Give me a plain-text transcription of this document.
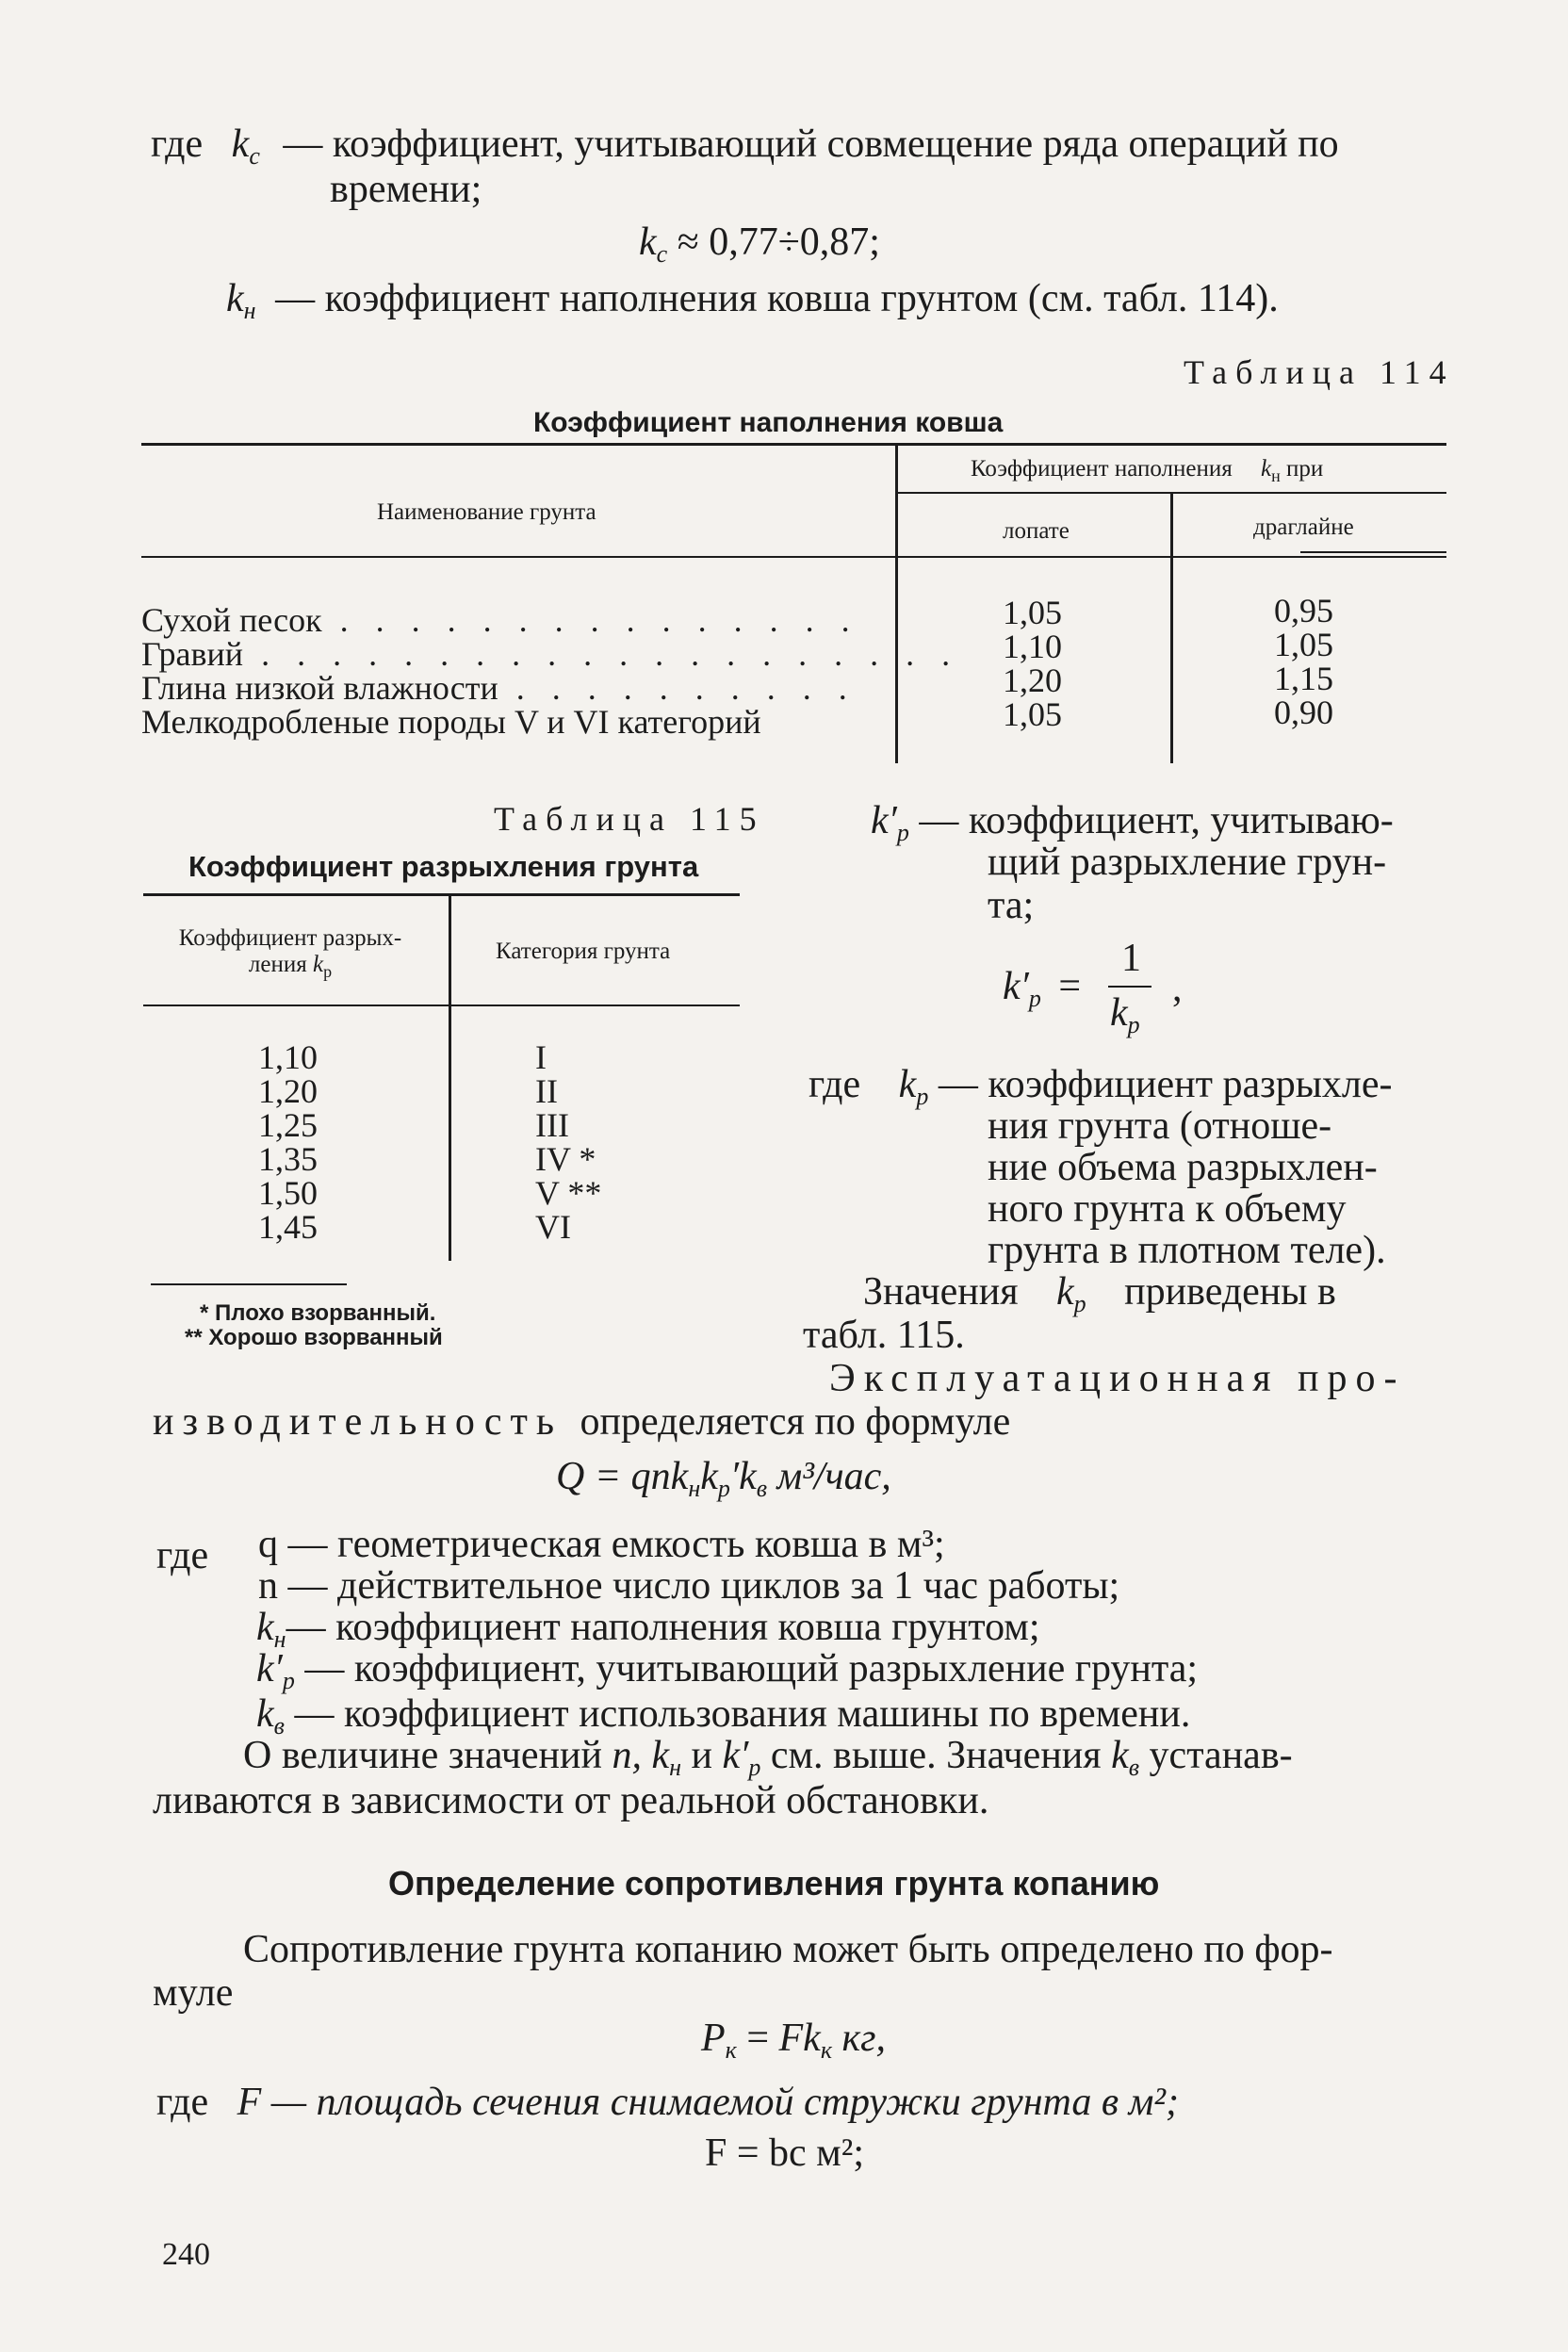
где $k_с$ — коэффициент, учитывающий совмещение ряда операций по
времени;
$k_с \approx 0,77\div 0,87$;
$k_н$ — коэффициент наполнения ковша грунтом (см. табл. 114).
Таблица 114
Коэффициент наполнения ковша
Наименование грунта
Коэффициент наполнения $k_н$ при
лопате	драглайне
Сухой песок . . . . . . . . . . . . . . .
Гравий . . . . . . . . . . . . . . . . . . . .
Глина низкой влажности . . . . . . . . . .
Мелкодробленые породы V и VI категорий
1,05
1,10
1,20
1,05
0,95
1,05
1,15
0,90
Таблица 115
Коэффициент разрыхления грунта
Коэффициент разрых-
ления $k_р$
Категория грунта
1,10
1,20
1,25
1,35
1,50
1,45
I
II
III
IV *
V **
VI
* Плохо взорванный.
** Хорошо взорванный
$k'_р$ — коэффициент, учитываю-
щий разрыхление грун-
та;
$k'_р$ =
1
$k_р$
,
где $k_р$ — коэффициент разрыхле-
ния грунта (отноше-
ние объема разрыхлен-
ного грунта к объему
грунта в плотном теле).
Значения $k_р$ приведены в
табл. 115.
Эксплуатационная про-
изводительность определяется по формуле
$Q = qnk_нk_р'k_в$ м³/час,
где q — геометрическая емкость ковша в м³;
n — действительное число циклов за 1 час работы;
$k_н—$ коэффициент наполнения ковша грунтом;
$k'_р$ — коэффициент, учитывающий разрыхление грунта;
$k_в$ — коэффициент использования машины по времени.
О величине значений n, $k_н$ и $k'_р$ см. выше. Значения $k_в$ устанав-
ливаются в зависимости от реальной обстановки.
Определение сопротивления грунта копанию
Сопротивление грунта копанию может быть определено по фор-
муле
$P_к = Fk_к$ кг,
где F — площадь сечения снимаемой стружки грунта в м²;
F = bc м²;
240
